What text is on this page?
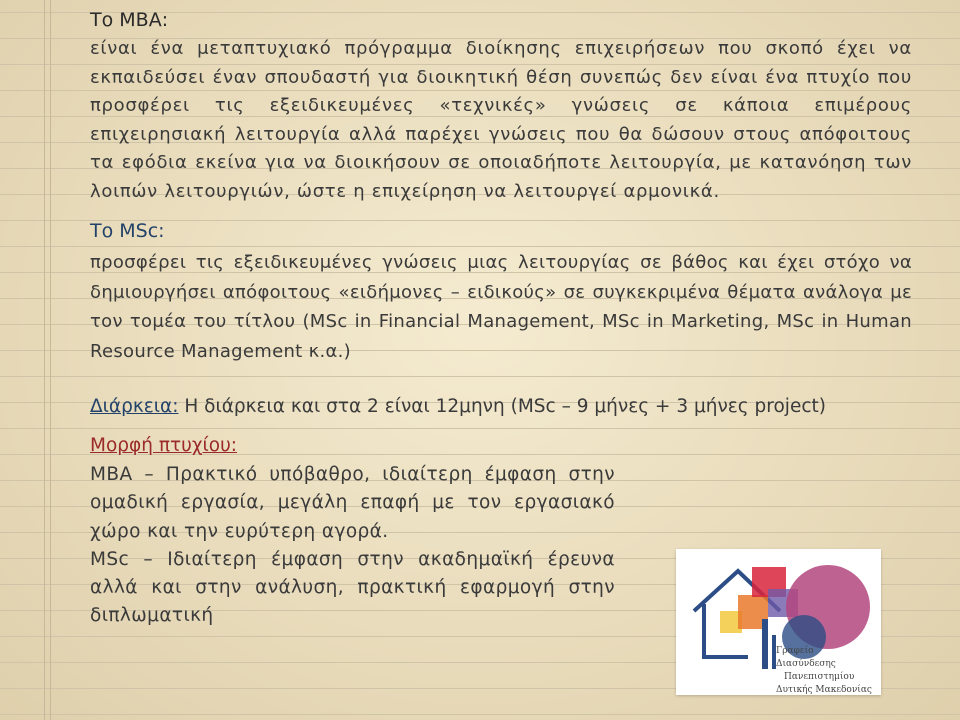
Το ΜΒΑ:

είναι ένα μεταπτυχιακό πρόγραμμα διοίκησης επιχειρήσεων που σκοπό έχει να εκπαιδεύσει έναν σπουδαστή για διοικητική θέση συνεπώς δεν είναι ένα πτυχίο που προσφέρει τις εξειδικευμένες «τεχνικές» γνώσεις σε κάποια επιμέρους επιχειρησιακή λειτουργία αλλά παρέχει γνώσεις που θα δώσουν στους απόφοιτους τα εφόδια εκείνα για να διοικήσουν σε οποιαδήποτε λειτουργία, με κατανόηση των λοιπών λειτουργιών, ώστε η επιχείρηση να λειτουργεί αρμονικά.

Το MSc:

προσφέρει τις εξειδικευμένες γνώσεις μιας λειτουργίας σε βάθος και έχει στόχο να δημιουργήσει απόφοιτους «ειδήμονες – ειδικούς» σε συγκεκριμένα θέματα ανάλογα με τον τομέα του τίτλου (MSc in Financial Management, MSc in Marketing, MSc in Human Resource Management κ.α.)

Διάρκεια: Η διάρκεια και στα 2 είναι 12μηνη (MSc – 9 μήνες + 3 μήνες project)
Μορφή πτυχίου:

MBA – Πρακτικό υπόβαθρο, ιδιαίτερη έμφαση στην ομαδική εργασία, μεγάλη επαφή με τον εργασιακό χώρο και την ευρύτερη αγορά.

MSc – Ιδιαίτερη έμφαση στην ακαδημαϊκή έρευνα αλλά και στην ανάλυση, πρακτική εφαρμογή στην διπλωματική

Γραφείο Διασύνδεσης
Πανεπιστημίου
Δυτικής Μακεδονίας
